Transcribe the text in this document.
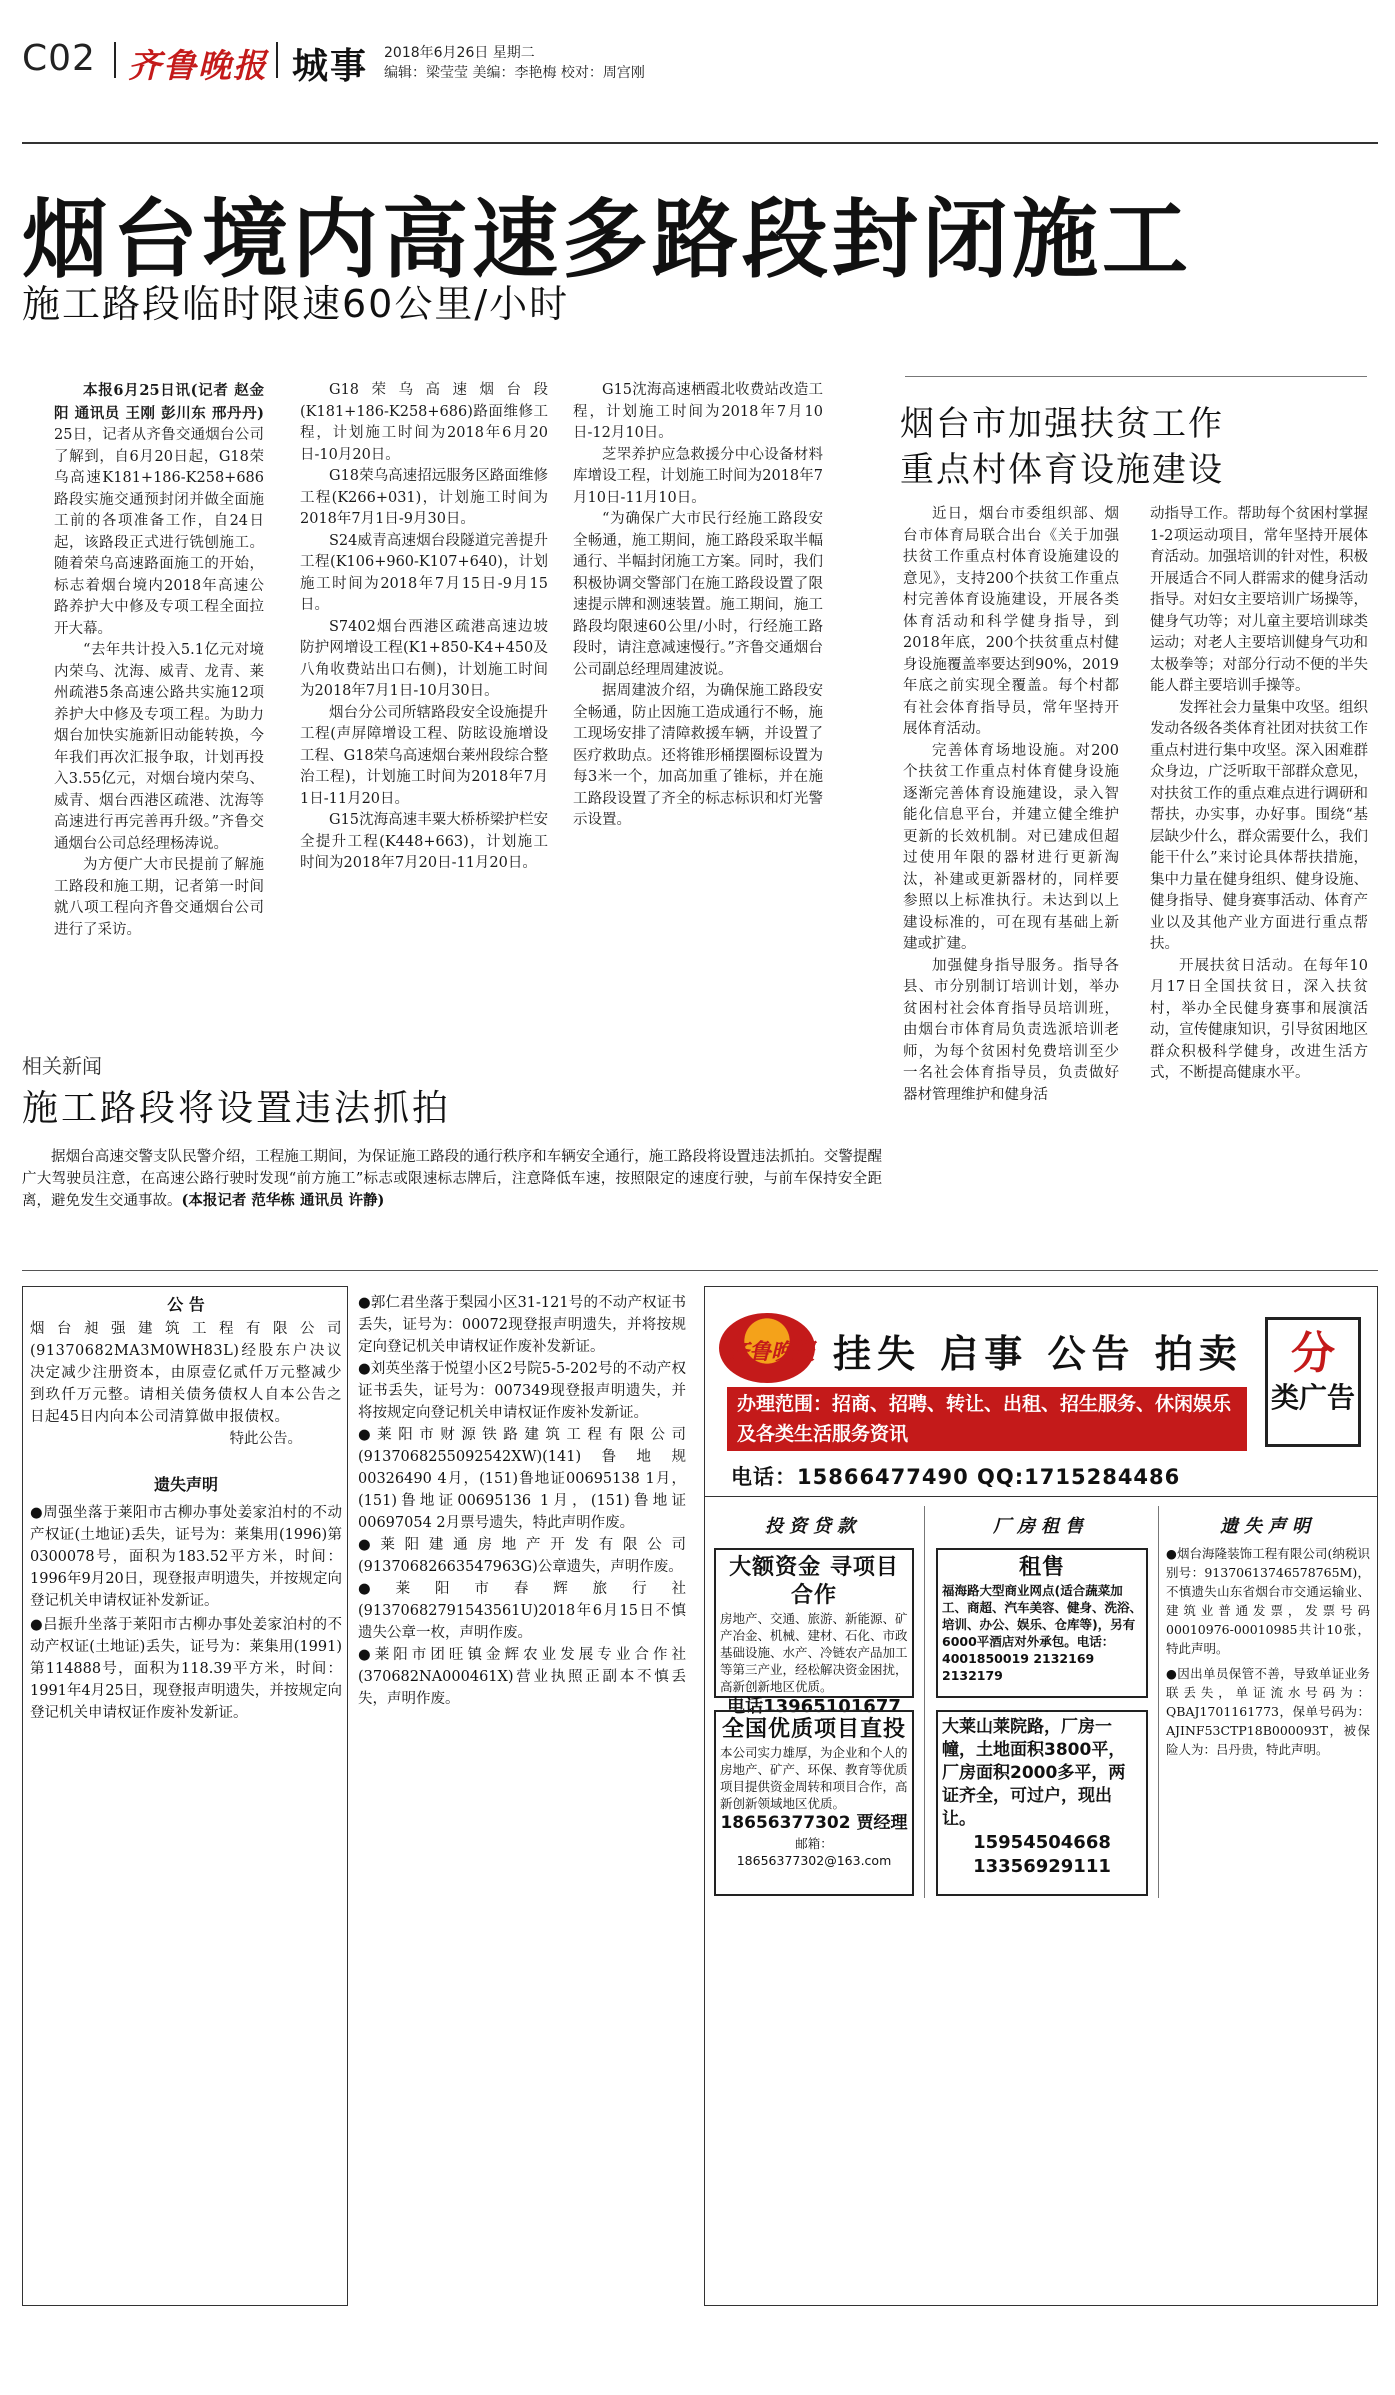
C02 齐鲁晚报 城事 2018年6月26日 星期二
编辑：梁莹莹 美编：李艳梅 校对：周宫刚
烟台境内高速多路段封闭施工
施工路段临时限速60公里/小时

本报6月25日讯(记者 赵金阳 通讯员 王刚 彭川东 邢丹丹) 25日，记者从齐鲁交通烟台公司了解到，自6月20日起，G18荣乌高速K181+186-K258+686路段实施交通预封闭并做全面施工前的各项准备工作，自24日起，该路段正式进行铣刨施工。随着荣乌高速路面施工的开始，标志着烟台境内2018年高速公路养护大中修及专项工程全面拉开大幕。

“去年共计投入5.1亿元对境内荣乌、沈海、威青、龙青、莱州疏港5条高速公路共实施12项养护大中修及专项工程。为助力烟台加快实施新旧动能转换，今年我们再次汇报争取，计划再投入3.55亿元，对烟台境内荣乌、威青、烟台西港区疏港、沈海等高速进行再完善再升级。”齐鲁交通烟台公司总经理杨涛说。

为方便广大市民提前了解施工路段和施工期，记者第一时间就八项工程向齐鲁交通烟台公司进行了采访。

G18荣乌高速烟台段(K181+186-K258+686)路面维修工程，计划施工时间为2018年6月20日-10月20日。

G18荣乌高速招远服务区路面维修工程(K266+031)，计划施工时间为2018年7月1日-9月30日。

S24威青高速烟台段隧道完善提升工程(K106+960-K107+640)，计划施工时间为2018年7月15日-9月15日。

S7402烟台西港区疏港高速边坡防护网增设工程(K1+850-K4+450及八角收费站出口右侧)，计划施工时间为2018年7月1日-10月30日。

烟台分公司所辖路段安全设施提升工程(声屏障增设工程、防眩设施增设工程、G18荣乌高速烟台莱州段综合整治工程)，计划施工时间为2018年7月1日-11月20日。

G15沈海高速丰粟大桥桥梁护栏安全提升工程(K448+663)，计划施工时间为2018年7月20日-11月20日。

G15沈海高速栖霞北收费站改造工程，计划施工时间为2018年7月10日-12月10日。

芝罘养护应急救援分中心设备材料库增设工程，计划施工时间为2018年7月10日-11月10日。

“为确保广大市民行经施工路段安全畅通，施工期间，施工路段采取半幅通行、半幅封闭施工方案。同时，我们积极协调交警部门在施工路段设置了限速提示牌和测速装置。施工期间，施工路段均限速60公里/小时，行经施工路段时，请注意减速慢行。”齐鲁交通烟台公司副总经理周建波说。

据周建波介绍，为确保施工路段安全畅通，防止因施工造成通行不畅，施工现场安排了清障救援车辆，并设置了医疗救助点。还将锥形桶摆圈标设置为每3米一个，加高加重了锥标，并在施工路段设置了齐全的标志标识和灯光警示设置。

烟台市加强扶贫工作
重点村体育设施建设

近日，烟台市委组织部、烟台市体育局联合出台《关于加强扶贫工作重点村体育设施建设的意见》，支持200个扶贫工作重点村完善体育设施建设，开展各类体育活动和科学健身指导，到2018年底，200个扶贫重点村健身设施覆盖率要达到90%，2019年底之前实现全覆盖。每个村都有社会体育指导员，常年坚持开展体育活动。

完善体育场地设施。对200个扶贫工作重点村体育健身设施逐渐完善体育设施建设，录入智能化信息平台，并建立健全维护更新的长效机制。对已建成但超过使用年限的器材进行更新淘汰，补建或更新器材的，同样要参照以上标准执行。未达到以上建设标准的，可在现有基础上新建或扩建。

加强健身指导服务。指导各县、市分别制订培训计划，举办贫困村社会体育指导员培训班，由烟台市体育局负责选派培训老师，为每个贫困村免费培训至少一名社会体育指导员，负责做好器材管理维护和健身活

动指导工作。帮助每个贫困村掌握1-2项运动项目，常年坚持开展体育活动。加强培训的针对性，积极开展适合不同人群需求的健身活动指导。对妇女主要培训广场操等，健身气功等；对儿童主要培训球类运动；对老人主要培训健身气功和太极拳等；对部分行动不便的半失能人群主要培训手操等。

发挥社会力量集中攻坚。组织发动各级各类体育社团对扶贫工作重点村进行集中攻坚。深入困难群众身边，广泛听取干部群众意见，对扶贫工作的重点难点进行调研和帮扶，办实事，办好事。围绕“基层缺少什么，群众需要什么，我们能干什么”来讨论具体帮扶措施，集中力量在健身组织、健身设施、健身指导、健身赛事活动、体育产业以及其他产业方面进行重点帮扶。

开展扶贫日活动。在每年10月17日全国扶贫日，深入扶贫村，举办全民健身赛事和展演活动，宣传健康知识，引导贫困地区群众积极科学健身，改进生活方式，不断提高健康水平。

相关新闻
施工路段将设置违法抓拍

据烟台高速交警支队民警介绍，工程施工期间，为保证施工路段的通行秩序和车辆安全通行，施工路段将设置违法抓拍。交警提醒广大驾驶员注意，在高速公路行驶时发现“前方施工”标志或限速标志牌后，注意降低车速，按照限定的速度行驶，与前车保持安全距离，避免发生交通事故。(本报记者 范华栋 通讯员 许静)

公 告

烟台昶强建筑工程有限公司(91370682MA3M0WH83L)经股东户决议决定减少注册资本，由原壹亿贰仟万元整减少到玖仟万元整。请相关债务债权人自本公告之日起45日内向本公司清算做申报债权。

特此公告。

遗失声明

●周强坐落于莱阳市古柳办事处姜家泊村的不动产权证(土地证)丢失，证号为：莱集用(1996)第0300078号，面积为183.52平方米，时间：1996年9月20日，现登报声明遗失，并按规定向登记机关申请权证补发新证。

●吕振升坐落于莱阳市古柳办事处姜家泊村的不动产权证(土地证)丢失，证号为：莱集用(1991)第114888号，面积为118.39平方米，时间：1991年4月25日，现登报声明遗失，并按规定向登记机关申请权证作废补发新证。

●郭仁君坐落于梨园小区31-121号的不动产权证书丢失，证号为：00072现登报声明遗失，并将按规定向登记机关申请权证作废补发新证。

●刘英坐落于悦望小区2号院5-5-202号的不动产权证书丢失，证号为：007349现登报声明遗失，并将按规定向登记机关申请权证作废补发新证。

●莱阳市财源铁路建筑工程有限公司(913706825509254​2XW)(141)鲁地规00326490 4月，(151)鲁地证00695138 1月，(151)鲁地证00695136 1月，(151)鲁地证00697054 2月票号遗失，特此声明作废。

●莱阳建通房地产开发有限公司(91370682663547963G)公章遗失，声明作废。

●莱阳市春辉旅行社(91370682791543561U)2018年6月15日不慎遗失公章一枚，声明作废。

●莱阳市团旺镇金辉农业发展专业合作社(370682NA000461X)营业执照正副本不慎丢失，声明作废。

齐鲁晚报 挂失 启事 公告 拍卖
办理范围：招商、招聘、转让、出租、招生服务、休闲娱乐及各类生活服务资讯
电话：15866477490 QQ:1715284486
分
类广告
投资贷款
大额资金 寻项目合作
房地产、交通、旅游、新能源、矿产冶金、机械、建材、石化、市政基础设施、水产、冷链农产品加工等第三产业，经松解决资金困扰，高新创新地区优质。
电话13965101677
全国优质项目直投
本公司实力雄厚，为企业和个人的房地产、矿产、环保、教育等优质项目提供资金周转和项目合作，高新创新领域地区优质。
18656377302 贾经理
邮箱：18656377302@163.com
厂房租售
租售
福海路大型商业网点(适合蔬菜加工、商超、汽车美容、健身、洗浴、培训、办公、娱乐、仓库等)，另有6000平酒店对外承包。电话：4001850019 2132169 2132179
大莱山莱院路，厂房一幢，土地面积3800平，厂房面积2000多平，两证齐全，可过户，现出让。
15954504668
13356929111
遗失声明

●烟台海隆装饰工程有限公司(纳税识别号：91370613746578765M)，不慎遗失山东省烟台市交通运输业、建筑业普通发票，发票号码00010976-00010985共计10张，特此声明。

●因出单员保管不善，导致单证业务联丢失，单证流水号码为：QBAJ1701161773，保单号码为：AJINF53CTP18B000093T，被保险人为：吕丹贵，特此声明。
